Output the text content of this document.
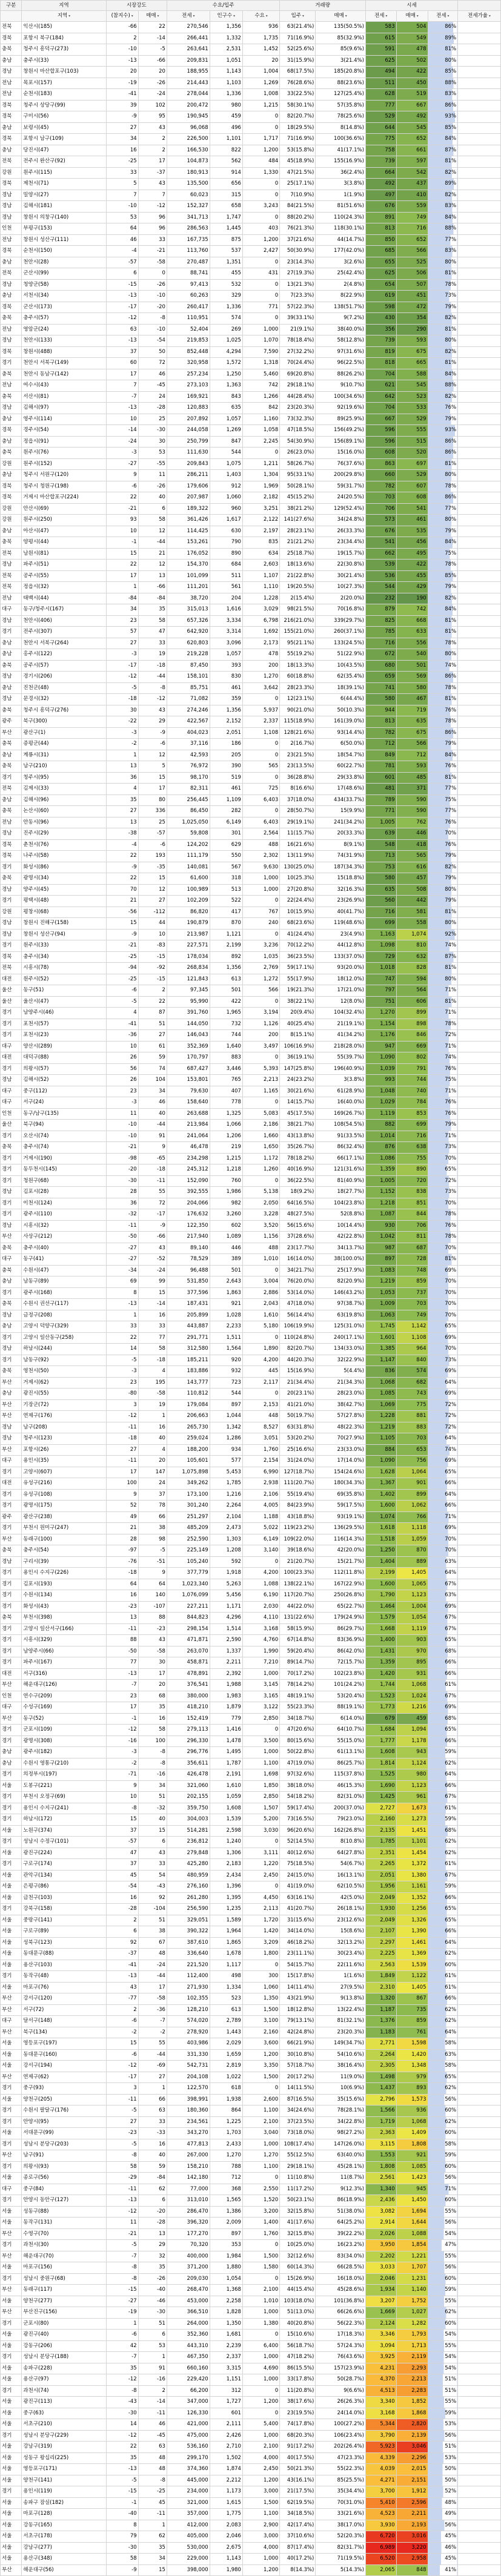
구분	지역	시장강도		수요/입주			거래량		시세			
	지역 ▾	(참지수) ▾	매매 ▾	전세 ▾	인구수 ▾	수요 ▾	입주 ▾	매매 ▾	전세 ▾	매매 ▾	전세 ▾	전세가율 ▾
전북	익산시(185)	-66	22	270,546	1,356	936	63(21.4%)	135(50.5%)	583	504	86%	
경북	포항시 북구(184)	2	-14	266,441	1,332	1,735	71(16.9%)	85(32.9%)	615	549	89%	
충북	청주시 흥덕구(273)	-10	-5	263,641	2,531	1,452	52(25.6%)	85(9.6%)	591	478	81%	
충남	충주시(33)	-13	-66	209,831	1,051	20	31(15.9%)	3(21.4%)	625	502	80%	
경남	창원시 마산합포구(103)	20	20	188,955	1,143	1,004	68(17.5%)	185(20.8%)	494	422	85%	
전남	목포시(157)	-19	-26	214,443	1,103	1,269	76(28.6%)	88(23.6%)	511	450	88%	
전남	순천시(183)	-41	-24	278,044	1,336	1,008	33(22.5%)	127(25.4%)	628	519	83%	
경북	청주시 상당구(99)	39	102	200,472	980	1,215	58(30.1%)	57(35.8%)	777	667	86%	
경북	구미시(56)	-9	95	190,945	459	0	82(20.7%)	78(25.6%)	529	492	93%	
충남	보령시(45)	27	43	96,068	496	0	18(29.5%)	8(14.8%)	644	545	85%	
경북	포항시 남구(109)	34	2	226,500	1,101	1,717	71(16.9%)	100(36.6%)	775	652	84%	
충남	당진시(47)	16	2	166,530	822	1,200	53(15.8%)	41(17.1%)	758	661	87%	
전북	전주시 완산구(92)	-25	17	104,873	562	484	45(18.9%)	155(16.9%)	739	597	81%	
강원	원주시(115)	33	-37	180,913	914	1,330	47(21.5%)	36(2.4%)	664	542	82%	
경북	제천시(71)	5	43	135,500	656	0	25(17.1%)	3(3.8%)	492	437	89%	
경남	밀양시(27)	7	7	60,023	315	0	7(10.9%)	1(1.9%)	497	410	82%	
경남	김해시(181)	-10	-12	152,327	658	3,243	84(21.5%)	81(51.6%)	676	559	83%	
경남	창원시 의창구(140)	53	96	341,713	1,747	0	88(20.2%)	110(24.3%)	891	749	84%	
인천	부평구(153)	64	96	286,563	1,445	403	76(21.3%)	118(30.1%)	813	716	88%	
전남	창원시 성산구(111)	46	33	167,735	875	1,200	37(21.6%)	44(14.7%)	850	652	77%	
경북	순천시(150)	-4	-21	113,760	537	2,427	50(30.9%)	177(42.0%)	685	566	83%	
충남	천안시(28)	-57	-58	270,487	1,351	0	23(14.3%)	3(2.6%)	655	525	80%	
전북	군산시(99)	6	0	88,741	455	431	27(19.3%)	25(42.4%)	625	506	81%	
경남	청양군(58)	-15	-26	97,413	532	0	13(21.3%)	2(4.8%)	654	507	78%	
충남	서천시(34)	-13	-10	60,263	329	0	7(23.3%)	8(22.9%)	619	451	73%	
경북	군산시(173)	-17	-20	260,417	1,336	771	57(22.3%)	138(51.7%)	598	472	79%	
충북	충주시(57)	-12	-8	110,951	574	0	39(33.1%)	9(7.2%)	430	354	82%	
전남	영암군(24)	63	-10	52,404	269	1,000	21(9.1%)	38(40.0%)	356	290	81%	
경남	천안시(133)	-13	-54	219,853	1,025	1,070	78(18.4%)	58(12.8%)	739	593	80%	
경북	창원시(488)	37	50	852,448	4,294	7,590	27(32.2%)	97(31.6%)	819	675	82%	
경기	천안시 서북구(149)	60	72	320,958	1,572	1,318	70(24.4%)	96(22.5%)	818	665	81%	
충북	천안시 동남구(142)	17	46	257,234	1,250	5,460	69(20.8%)	88(26.2%)	704	588	84%	
전남	여수시(43)	7	-45	273,103	1,363	742	29(18.1%)	9(10.7%)	621	545	88%	
충북	서산시(81)	-7	24	169,921	843	1,266	44(28.4%)	100(34.6%)	642	523	82%	
경남	김해시(97)	-13	-28	120,883	635	842	23(20.3%)	92(19.6%)	704	533	76%	
충남	영주시(114)	10	25	207,892	1,057	1,160	73(32.3%)	89(25.9%)	667	529	79%	
경북	경주시(54)	-14	-30	244,058	1,269	1,058	47(18.5%)	156(49.2%)	596	555	93%	
충남	정읍시(91)	-24	30	250,799	847	2,245	54(30.9%)	156(89.1%)	596	515	86%	
충북	원주시(76)	-3	53	111,630	544	0	26(23.0%)	15(16.0%)	608	520	86%	
강원	원주시(152)	-27	-55	209,843	1,075	1,211	58(26.7%)	76(37.6%)	863	697	81%	
충남	청주시 서원구(120)	9	11	286,211	1,403	1,304	95(33.1%)	200(29.8%)	660	529	80%	
경북	청주시 청원구(198)	-6	-26	179,606	912	1,969	50(28.1%)	59(31.7%)	782	607	78%	
경북	거제시 마산합포구(224)	22	40	207,987	1,060	2,182	45(15.2%)	24(20.5%)	703	608	86%	
강원	안산시(69)	-21	6	189,322	960	3,251	38(21.2%)	129(52.4%)	706	541	77%	
강원	원주시(250)	93	58	361,426	1,617	2,122	141(27.6%)	34(24.8%)	573	461	80%	
충남	아산시(47)	10	12	114,425	630	2,197	28(23.1%)	26(33.3%)	676	535	79%	
충북	양평시(44)	-1	-44	153,261	790	835	21(21.2%)	23(34.4%)	541	456	84%	
전북	남원시(81)	15	21	176,052	890	634	25(18.7%)	19(15.7%)	662	495	75%	
경남	파주시(51)	22	12	154,370	684	2,603	18(13.6%)	22(30.8%)	539	422	78%	
전북	공주시(55)	17	13	101,099	511	1,107	21(22.8%)	30(21.4%)	536	455	85%	
전북	정읍시(32)	1	-66	111,201	561	1,110	19(20.5%)	10(27.3%)	544	429	79%	
전남	태백시(44)	-84	-84	38,720	204	1,228	2(15.4%)	2(20.0%)	232	190	82%	
대구	동구/청주시(167)	34	35	315,013	1,616	3,029	98(21.5%)	70(16.8%)	879	742	84%	
경남	천안시(406)	23	58	657,326	3,334	6,798	216(21.0%)	339(29.7%)	825	668	81%	
경기	전주시(307)	57	47	642,920	3,314	1,692	155(21.0%)	260(37.1%)	785	633	81%	
충남	천안시 서북구(264)	27	33	620,803	3,096	2,173	95(21.1%)	133(24.5%)	716	556	78%	
충남	홍주시(122)	-3	19	219,228	1,057	478	55(19.2%)	51(22.9%)	672	540	80%	
충북	공주시(57)	-17	-18	87,450	393	200	18(13.3%)	10(43.5%)	680	501	74%	
경남	경기시(206)	-12	-44	158,101	830	1,270	60(18.8%)	62(35.4%)	659	569	86%	
충남	진천군(48)	-5	-8	85,751	461	3,642	28(23.3%)	18(39.1%)	741	580	78%	
경남	문경시(32)	-18	-12	71,082	359	0	12(23.1%)	6(44.4%)	580	467	81%	
충북	청주시 흥덕구(276)	30	43	274,246	1,356	5,937	90(21.0%)	50(10.3%)	944	719	76%	
광주	북구(300)	-22	29	422,567	2,152	2,337	115(18.9%)	161(39.0%)	813	635	78%	
부산	광산구(1)	-3	-9	404,023	2,051	1,108	128(21.6%)	93(14.4%)	782	675	86%	
충북	증평군(44)	-2	-6	37,116	186	0	2(16.7%)	6(50.0%)	712	566	79%	
충남	계룡시(31)	1	12	42,593	205	0	23(21.5%)	18(54.7%)	849	712	84%	
충북	남구(210)	13	5	76,972	390	565	23(13.5%)	60(22.7%)	781	593	76%	
경기	청주시(95)	36	15	98,170	519	0	36(28.8%)	29(33.8%)	601	485	81%	
전북	김제시(33)	4	17	82,311	461	725	8(16.6%)	17(48.6%)	481	371	77%	
충남	김해시(96)	35	80	256,445	1,109	6,403	37(18.0%)	434(33.7%)	789	590	75%	
충북	논산시(60)	27	336	86,450	282	0	28(50.7%)	15(9.9%)	771	590	77%	
전남	안동시(96)	13	25	1,025,050	6,149	6,403	29(19.1%)	241(34.2%)	1,005	762	76%	
경남	진주시(29)	-38	-57	59,808	301	2,564	11(15.7%)	20(33.3%)	639	446	70%	
경북	춘천시(76)	-4	-6	124,202	629	488	16(21.6%)	8(9.1%)	548	418	76%	
경북	나주시(58)	22	193	111,179	550	2,302	13(11.9%)	74(31.9%)	713	565	79%	
경기	화성시(86)	-9	-35	140,081	567	9,630	130(25.0%)	187(34.3%)	753	616	82%	
충북	광명시(34)	22	15	61,600	318	1,000	10(25.3%)	15(18.8%)	580	457	79%	
경남	양주시(45)	70	12	100,989	513	1,000	27(20.8%)	32(16.3%)	635	508	80%	
경기	평택시(48)	21	27	102,209	522	0	22(24.4%)	23(26.9%)	560	442	79%	
강원	평창시(68)	-56	-112	86,820	417	767	10(15.9%)	40(41.7%)	716	581	81%	
경남	창원시 진해구(158)	15	44	190,879	870	240	68(23.6%)	119(48.6%)	699	558	80%	
경남	창원시 성산구(94)	-9	10	213,987	1,121	0	41(24.4%)	23(4.9%)	1,163	1,074	92%	
경기	원주시(33)	-21	-83	227,571	2,199	3,236	70(12.2%)	44(12.8%)	1,098	810	74%	
경북	충주시(34)	-25	-15	178,034	892	1,035	36(23.5%)	133(37.0%)	729	632	87%	
전북	시흥시(78)	-94	-92	268,834	1,356	2,769	59(17.1%)	93(20.0%)	1,018	828	81%	
대전	원주시(52)	-25	-15	121,843	613	1,272	55(17.9%)	18(12.0%)	747	594	80%	
울산	동구(51)	-6	2	97,345	501	566	19(21.3%)	17(21.0%)	797	564	71%	
울산	울산시(47)	-5	22	95,990	422	0	38(22.1%)	12(8.0%)	751	606	81%	
경기	남양주시(46)	4	87	391,760	1,965	3,194	20(9.4%)	104(32.4%)	1,270	899	71%	
경기	포천시(57)	-41	51	144,050	732	1,126	40(25.4%)	21(19.1%)	1,154	898	78%	
경기	포천시(23)	-36	27	146,043	744	200	8(15.1%)	41(34.2%)	1,176	846	72%	
대구	양산시(289)	10	61	352,369	1,640	3,497	106(16.9%)	218(28.0%)	947	669	71%	
대전	대덕구(88)	26	59	170,797	883	0	36(19.1%)	55(39.7%)	1,090	802	74%	
경기	의왕시(57)	56	74	687,427	3,446	5,393	147(25.8%)	196(40.9%)	1,039	791	76%	
경남	김해시(52)	26	104	153,801	765	2,213	24(23.2%)	3(3.8%)	993	744	75%	
대구	중구(112)	23	34	79,630	407	1,165	30(21.6%)	61(28.9%)	1,048	740	71%	
대구	서구(24)	-3	46	158,640	778	0	14(15.7%)	16(40.0%)	1,029	784	76%	
인천	동구/남구(135)	11	40	263,688	1,325	5,083	45(17.5%)	169(26.7%)	1,119	853	76%	
울산	북구(94)	-10	-44	213,984	1,066	2,186	38(21.7%)	108(54.5%)	882	699	79%	
경기	오산시(74)	-10	91	241,064	1,206	1,660	43(13.8%)	91(33.5%)	1,014	716	71%	
충북	충주시(74)	-21	9	46,478	219	1,650	35(26.7%)	86(32.4%)	876	638	73%	
경기	거제시(190)	-98	-65	234,298	1,215	1,172	78(18.2%)	66(17.1%)	1,086	755	70%	
경기	동두천시(145)	-20	-18	245,312	1,218	1,260	40(16.9%)	121(31.6%)	1,359	890	65%	
경기	청원구(68)	-30	-11	152,090	760	0	36(22.5%)	81(40.9%)	1,005	720	72%	
경남	김포시(28)	28	55	392,555	1,986	5,138	18(9.2%)	18(27.7%)	1,152	838	73%	
경기	이천시(124)	36	72	204,066	982	2,050	64(16.5%)	104(23.8%)	1,218	851	70%	
경기	광주시(110)	-32	-17	176,632	3,260	3,228	48(27.5%)	52(8.8%)	1,087	844	78%	
경남	시흥시(32)	-11	-9	122,350	602	3,520	56(15.6%)	10(14.4%)	930	706	76%	
부산	사상구(212)	-50	-66	217,940	1,089	1,156	37(28.6%)	42(22.8%)	1,042	811	78%	
충북	충주시(40)	-27	43	89,140	446	488	23(17.7%)	34(13.7%)	987	687	70%	
대구	동구(41)	-27	-52	78,529	389	1,010	16(14.0%)	38(100.0%)	897	728	81%	
충북	수원시(47)	-34	-24	96,488	501	0	34(21.7%)	25(17.9%)	1,083	748	69%	
충남	남동구(89)	69	99	531,850	2,643	3,004	76(20.0%)	82(20.9%)	1,219	859	70%	
경기	광주시(168)	8	15	377,596	1,863	2,886	53(14.0%)	146(43.2%)	1,053	737	70%	
충북	수원시 권선구(117)	-13	-14	187,431	921	2,043	47(18.0%)	97(38.7%)	1,009	703	70%	
경남	금정구(208)	1	16	205,899	1,028	1,610	56(14.4%)	63(19.8%)	1,063	749	70%	
충남	고양시 덕양구(329)	33	33	443,887	2,233	5,180	106(19.9%)	125(31.0%)	1,745	1,142	65%	
경기	고양시 일산동구(258)	22	77	291,771	1,511	0	110(24.8%)	240(17.1%)	1,601	1,108	69%	
경남	하남시(244)	14	58	312,580	1,564	1,890	82(20.7%)	134(33.0%)	1,385	964	70%	
경기	남동구(92)	-5	-18	185,211	920	4,200	44(20.3%)	32(22.9%)	1,147	840	73%	
충북	영천시(50)	-3	4	183,886	932	445	15(16.9%)	5(4.4%)	836	574	69%	
부산	거제시(62)	23	195	143,777	723	2,117	21(34.4%)	21(34.3%)	1,068	682	64%	
충남	광진시(55)	-80	-58	110,812	544	0	20(23.1%)	28(23.0%)	1,085	743	69%	
부산	기장군(72)	3	19	179,084	897	2,153	41(21.0%)	38(42.7%)	1,069	775	72%	
부산	연제구(176)	-12	1	206,663	1,044	448	50(19.7%)	57(27.8%)	1,228	881	72%	
경남	남구(208)	-11	16	265,730	1,342	8,527	63(31.8%)	48(22.3%)	1,219	883	72%	
경남	청주시(123)	-18	40	259,024	1,286	3,051	53(20.2%)	70(27.9%)	1,105	703	64%	
부산	포항시(26)	27	4	188,200	934	1,760	25(16.6%)	23(33.0%)	884	653	74%	
대구	용인시(35)	-11	20	105,601	577	2,154	31(24.0%)	17(14.0%)	1,090	756	69%	
경기	고양시(607)	17	147	1,075,898	5,453	6,990	127(18.7%)	154(24.6%)	1,628	1,064	65%	
대전	유성구(216)	100	24	349,262	1,785	2,938	111(20.7%)	180(34.3%)	1,367	901	66%	
경기	유성구(108)	9	37	173,100	1,216	2,106	55(19.4%)	69(35.8%)	1,402	899	64%	
경기	광명시(175)	52	78	301,240	2,264	4,005	84(23.9%)	59(17.5%)	1,600	1,062	66%	
광주	광산구(238)	49	66	251,297	2,104	1,188	43(18.8%)	93(19.1%)	1,074	766	71%	
경기	부천시 원미구(247)	21	38	485,209	2,473	5,022	119(23.2%)	136(29.5%)	1,618	1,118	69%	
부산	동래구(100)	28	98	252,590	1,303	6,149	109(22.0%)	116(14.3%)	1,518	1,059	70%	
충북	충주시(54)	-97	-5	225,149	1,208	3,140	39(18.6%)	42(20.0%)	1,250	870	70%	
경남	구리시(39)	-76	-51	105,240	592	0	21(20.7%)	15(21.7%)	1,404	889	63%	
경기	용인시 수지구(226)	-18	9	377,779	1,918	4,200	100(23.3%)	112(11.8%)	2,199	1,405	64%	
경기	김포시(193)	64	64	1,023,340	5,263	1,088	138(22.1%)	167(22.9%)	1,600	1,065	67%	
경기	수원시(134)	16	140	1,076,099	5,456	6,190	117(20.7%)	250(26.8%)	1,790	1,123	63%	
경기	화성시(43)	-23	-107	227,211	1,171	2,030	44(22.0%)	65(22.7%)	1,464	1,004	69%	
충북	부천시(398)	13	88	844,823	4,296	4,110	131(22.6%)	179(24.9%)	1,579	1,054	67%	
경기	고양시 일산서구(166)	-11	-23	298,154	1,514	3,168	58(15.9%)	86(29.7%)	1,668	1,119	67%	
경기	시흥시(329)	88	43	471,871	2,590	4,760	67(14.8%)	83(36.9%)	1,400	903	65%	
경기	남양주시(66)	-50	-58	263,070	1,337	1,990	59(20.4%)	86(42.0%)	1,431	970	68%	
경기	파주시(167)	77	30	458,871	2,211	7,210	89(14.7%)	72(15.7%)	1,359	895	66%	
대전	서구(316)	-13	17	478,891	2,392	1,000	70(17.2%)	102(23.8%)	1,420	931	66%	
부산	해운대구(126)	-7	20	376,541	1,988	3,145	78(14.2%)	101(24.2%)	1,744	1,068	61%	
인천	연수구(209)	23	68	380,000	1,983	3,165	48(19.1%)	53(20.4%)	1,523	1,024	67%	
대구	수성구(169)	17	35	418,210	1,879	3,122	55(23.3%)	88(19.1%)	1,773	1,216	69%	
부산	동구(52)	-1	16	152,419	779	2,850	34(18.7%)	6(14.0%)	679	459	68%	
경기	군포시(109)	-12	58	279,113	1,416	0	47(20.6%)	64(10.7%)	1,684	1,094	65%	
경기	광명시(308)	-16	100	296,330	1,478	3,500	80(15.6%)	55(15.0%)	1,777	1,178	66%	
충남	광주시(182)	-3	-8	296,776	1,495	1,000	50(22.8%)	61(13.1%)	1,608	943	59%	
충남	수원시 영통구(210)	-2	-8	356,611	1,787	1,100	47(19.0%)	86(25.7%)	1,814	1,124	62%	
경기	의정부시(197)	-71	-16	426,478	2,191	1,698	97(32.6%)	115(37.8%)	1,525	980	64%	
서울	도봉구(221)	9	34	321,060	1,610	1,850	38(18.0%)	46(15.3%)	1,690	1,123	66%	
경기	부천시 오정구(69)	10	51	202,155	1,059	2,850	54(18.2%)	82(31.0%)	1,425	961	67%	
경기	용인시 수지구(241)	-8	-32	359,750	1,608	1,507	59(17.4%)	200(37.0%)	2,727	1,673	61%	
경기	하남시(172)	15	40	304,003	1,539	5,200	73(16.5%)	79(23.0%)	2,160	1,273	59%	
서울	노원구(374)	37	15	514,281	2,598	3,030	96(20.6%)	162(26.8%)	2,135	1,451	68%	
경기	성남시 수정구(101)	-57	6	236,812	1,240	0	52(14.5%)	8(10.8%)	1,785	1,101	62%	
서울	광진구(224)	47	43	279,848	1,306	3,111	40(12.6%)	64(27.8%)	2,351	1,454	62%	
경기	구로구(174)	37	33	425,280	2,183	1,220	75(18.5%)	54(6.7%)	2,265	1,372	61%	
서울	관악구(134)	45	54	480,959	2,434	2,450	24(15.0%)	16(13.1%)	2,051	1,380	67%	
서울	은평구(86)	-54	-43	276,160	1,396	0	41(19.0%)	62(10.5%)	1,956	1,161	59%	
서울	금천구(103)	16	92	261,280	1,395	4,450	63(16.1%)	42(5.0%)	2,049	1,352	66%	
경기	강북구(158)	-28	-104	256,590	1,235	2,113	41(20.7%)	26(18.1%)	1,930	1,256	65%	
서울	중랑구(141)	2	51	329,051	1,589	1,720	31(15.6%)	23(12.6%)	2,049	1,326	65%	
서울	구로구(89)	6	38	390,322	1,964	1,420	34(14.0%)	15(8.6%)	2,107	1,390	66%	
서울	성북구(123)	92	67	387,610	1,865	3,209	46(18.2%)	32(13.2%)	2,297	1,461	64%	
서울	동대문구(88)	-37	48	336,640	1,678	1,800	23(11.1%)	30(23.4%)	2,225	1,369	62%	
서울	용산구(103)	-41	-24	221,520	1,117	0	54(15.7%)	22(11.6%)	2,563	1,539	60%	
경기	동작구(48)	-13	-44	112,400	498	300	15(17.8%)	1(1.6%)	1,849	1,122	61%	
서울	마포구(76)	43	17	271,930	1,334	1,060	14(11.4%)	27(9.5%)	2,310	1,405	61%	
부산	강서구(120)	-77	-58	102,355	523	1,350	43(21.9%)	9(13.8%)	1,320	867	66%	
부산	서구(72)	2	-36	128,210	613	1,500	18(12.8%)	13(22.4%)	1,187	735	62%	
대구	달서구(148)	-6	-7	574,020	2,789	3,100	79(13.1%)	81(32.1%)	1,376	859	62%	
부산	북구(134)	-2	-2	278,920	1,443	2,160	42(24.8%)	23(20.3%)	1,183	761	64%	
서울	영등포구(197)	15	55	403,986	2,029	3,600	66(21.9%)	149(34.7%)	2,771	1,598	58%	
서울	동대문구(160)	-6	-44	331,330	1,659	1,200	30(10.8%)	54(10.6%)	2,264	1,420	63%	
서울	강서구(194)	-12	-69	542,731	2,819	3,350	57(18.7%)	38(16.4%)	2,305	1,348	58%	
부산	연제구(62)	-17	27	204,108	1,022	1,500	20(17.2%)	11(9.0%)	1,498	979	65%	
경기	중구(93)	3	1	122,570	618	0	14(11.5%)	10(6.9%)	1,437	893	62%	
서울	양천구(205)	-11	66	398,991	1,938	2,600	87(16.5%)	35(15.6%)	2,796	1,573	56%	
경기	수원시 팔달구(176)	-5	63	180,360	864	1,100	34(24.6%)	78(28.1%)	1,566	936	60%	
경기	안양시(95)	27	33	234,561	1,225	2,100	37(23.5%)	34(22.8%)	1,719	1,068	62%	
서울	서대문구(99)	-23	-33	343,270	1,703	3,040	73(18.0%)	98(27.2%)	2,363	1,409	60%	
경기	성남시 분당구(203)	-5	16	477,813	2,433	1,000	108(17.4%)	147(26.0%)	3,115	1,808	58%	
부산	남구(91)	-8	40	267,000	1,270	1,270	55(12.5%)	63(40.0%)	1,553	921	59%	
경기	의왕시(93)	58	59	158,210	788	1,100	29(18.1%)	45(28.1%)	1,808	1,085	60%	
서울	종로구(56)	-29	-84	142,180	712	0	11(10.8%)	11(8.7%)	2,561	1,423	56%	
대구	중구(84)	-11	62	77,000	368	2,550	11(17.2%)	9(12.3%)	1,340	945	71%	
경기	안양시 동안구(127)	-13	6	313,010	1,565	1,520	50(23.1%)	86(18.9%)	2,436	1,450	60%	
서울	성동구(88)	-12	-20	286,470	1,386	3,200	32(15.8%)	51(38.0%)	3,082	1,694	55%	
서울	동작구(131)	11	-28	396,320	2,009	1,400	41(17.6%)	64(25.2%)	2,914	1,644	56%	
부산	수영구(70)	-21	13	177,270	897	1,760	32(15.8%)	39(22.2%)	2,026	1,088	54%	
경기	과천시(30)	-5	29	70,320	353	0	10(25.0%)	16(23.2%)	3,950	1,854	47%	
부산	해운대구(70)	-7	32	400,000	1,984	1,500	32(12.6%)	83(34.0%)	2,202	1,221	55%	
서울	마포구(156)	-8	35	371,200	1,880	1,580	60(14.3%)	66(28.5%)	3,033	1,707	56%	
경기	성남시 중원구(68)	-8	-26	209,030	1,054	0	15(26.9%)	16(18.0%)	2,046	1,231	60%	
부산	동래구(117)	-15	-40	268,470	1,368	2,100	44(15.4%)	45(28.6%)	1,934	1,140	59%	
서울	양천구(277)	-27	-46	453,000	2,258	1,010	103(18.0%)	101(36.8%)	3,207	1,752	55%	
부산	부산진구(156)	-19	-30	366,510	1,828	1,000	51(13.0%)	66(26.6%)	1,669	1,027	62%	
경기	군포시(80)	1	51	264,000	1,350	1,380	40(20.8%)	56(22.3%)	2,124	1,282	60%	
서울	광진구(40)	-6	6	352,360	1,681	0	15(10.6%)	17(18.3%)	3,346	1,793	54%	
서울	강동구(206)	42	53	443,310	2,239	6,400	56(18.7%)	57(24.3%)	3,094	1,713	55%	
경기	성남시 분당구(188)	-7	1	467,350	2,337	1,000	47(18.2%)	76(43.6%)	3,925	2,119	54%	
서울	송파구(228)	35	91	660,160	3,315	4,690	86(15.5%)	157(23.9%)	4,231	2,293	54%	
서울	용산구(97)	-12	-16	229,420	1,151	1,000	33(17.8%)	50(28.7%)	4,370	2,213	51%	
경기	과천시(74)	-8	2	66,200	312	0	11(20.8%)	9(6.6%)	4,513	2,283	51%	
서울	광진구(113)	-43	-14	347,000	1,727	1,200	38(17.6%)	26(26.3%)	3,340	1,852	55%	
서울	중구(63)	-30	-11	126,330	601	0	23(19.5%)	24(14.0%)	3,168	1,868	59%	
서울	서초구(210)	14	46	421,000	2,111	5,400	74(17.8%)	100(27.2%)	5,344	2,820	53%	
경기	성남시 분당구(229)	-12	-45	475,000	2,426	1,000	68(20.3%)	106(23.4%)	3,790	2,139	56%	
서울	강남구(319)	22	63	536,160	2,710	2,100	91(17.2%)	202(26.4%)	5,923	3,046	51%	
서울	성동구 왕십리(225)	35	48	299,170	1,502	4,000	40(17.5%)	47(23.3%)	4,339	2,296	53%	
서울	영등포구(171)	-13	48	374,360	1,874	2,450	50(21.3%)	55(22.3%)	4,039	2,015	50%	
서울	양천구(141)	-5	-8	445,000	2,212	1,200	43(16.1%)	85(25.5%)	4,271	2,151	50%	
경기	용인시(119)	-15	-25	234,000	1,173	3,000	21(17.5%)	35(34.4%)	3,700	1,912	52%	
서울	송파구 잠실(182)	-1	45	321,000	1,615	1,500	62(19.5%)	70(31.0%)	5,410	2,596	48%	
서울	마포구(128)	-40	-11	357,000	1,775	1,100	34(18.5%)	33(21.6%)	4,523	2,211	49%	
서울	강동구(165)	8	1	412,000	2,083	2,900	42(17.4%)	38(17.0%)	3,930	2,193	56%	
서울	서초구(178)	79	62	405,000	2,046	3,000	37(10.6%)	52(20.3%)	6,720	3,016	45%	
서울	강남구(277)	-30	35	530,000	2,675	4,000	87(17.4%)	82(31.7%)	6,989	3,220	46%	
서울	용산구(348)	58	34	229,000	1,143	1,000	40(17.2%)	71(19.5%)	6,520	2,958	45%	
부산	해운대구(56)	-9	15	398,000	1,980	1,200	8(14.3%)	5(14.3%)	2,065	848	41%	
